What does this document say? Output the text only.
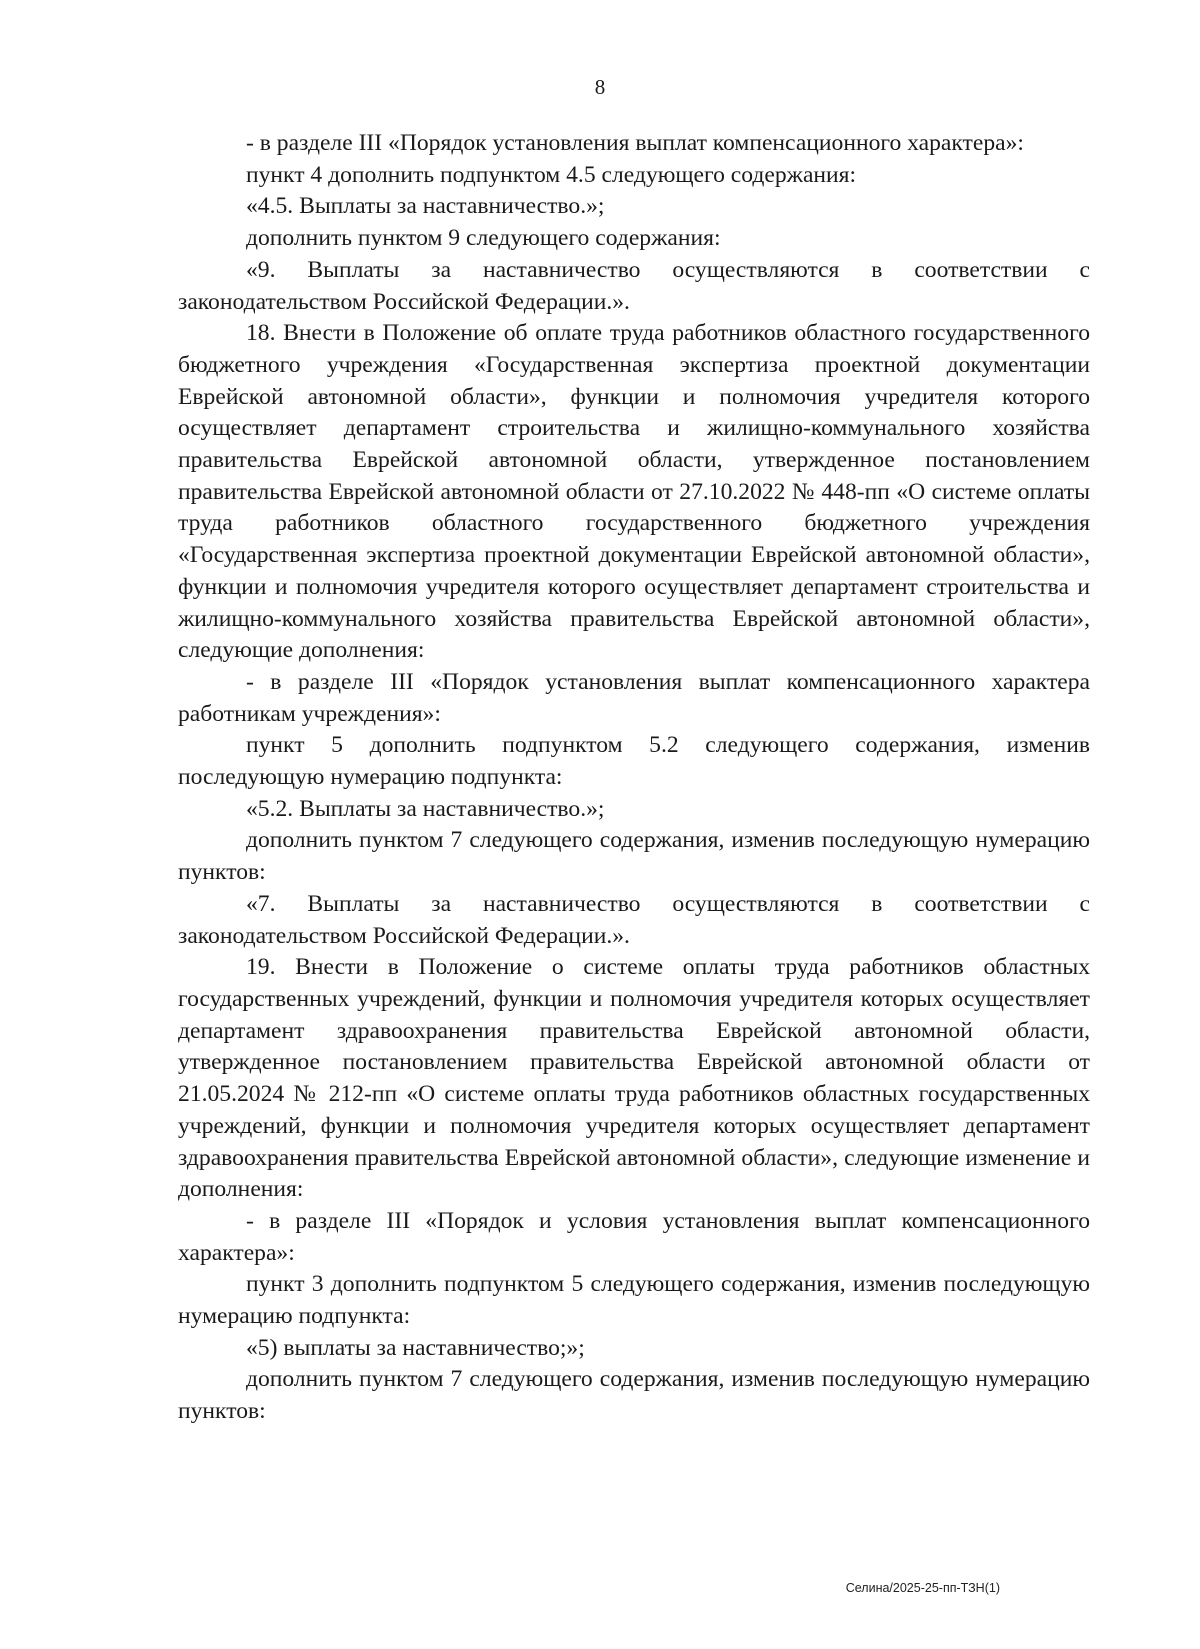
8

- в разделе III «Порядок установления выплат компенсационного характера»:

пункт 4 дополнить подпунктом 4.5 следующего содержания:

«4.5. Выплаты за наставничество.»;

дополнить пунктом 9 следующего содержания:

«9. Выплаты за наставничество осуществляются в соответствии с законодательством Российской Федерации.».

18. Внести в Положение об оплате труда работников областного государственного бюджетного учреждения «Государственная экспертиза проектной документации Еврейской автономной области», функции и полномочия учредителя которого осуществляет департамент строительства и жилищно-коммунального хозяйства правительства Еврейской автономной области, утвержденное постановлением правительства Еврейской автономной области от 27.10.2022 № 448-пп «О системе оплаты труда работников областного государственного бюджетного учреждения «Государственная экспертиза проектной документации Еврейской автономной области», функции и полномочия учредителя которого осуществляет департамент строительства и жилищно-коммунального хозяйства правительства Еврейской автономной области», следующие дополнения:

- в разделе III «Порядок установления выплат компенсационного характера работникам учреждения»:

пункт 5 дополнить подпунктом 5.2 следующего содержания, изменив последующую нумерацию подпункта:

«5.2. Выплаты за наставничество.»;

дополнить пунктом 7 следующего содержания, изменив последующую нумерацию пунктов:

«7. Выплаты за наставничество осуществляются в соответствии с законодательством Российской Федерации.».

19. Внести в Положение о системе оплаты труда работников областных государственных учреждений, функции и полномочия учредителя которых осуществляет департамент здравоохранения правительства Еврейской автономной области, утвержденное постановлением правительства Еврейской автономной области от 21.05.2024 № 212-пп «О системе оплаты труда работников областных государственных учреждений, функции и полномочия учредителя которых осуществляет департамент здравоохранения правительства Еврейской автономной области», следующие изменение и дополнения:

- в разделе III «Порядок и условия установления выплат компенсационного характера»:

пункт 3 дополнить подпунктом 5 следующего содержания, изменив последующую нумерацию подпункта:

«5) выплаты за наставничество;»;

дополнить пунктом 7 следующего содержания, изменив последующую нумерацию пунктов:

Селина/2025-25-пп-ТЗН(1)
